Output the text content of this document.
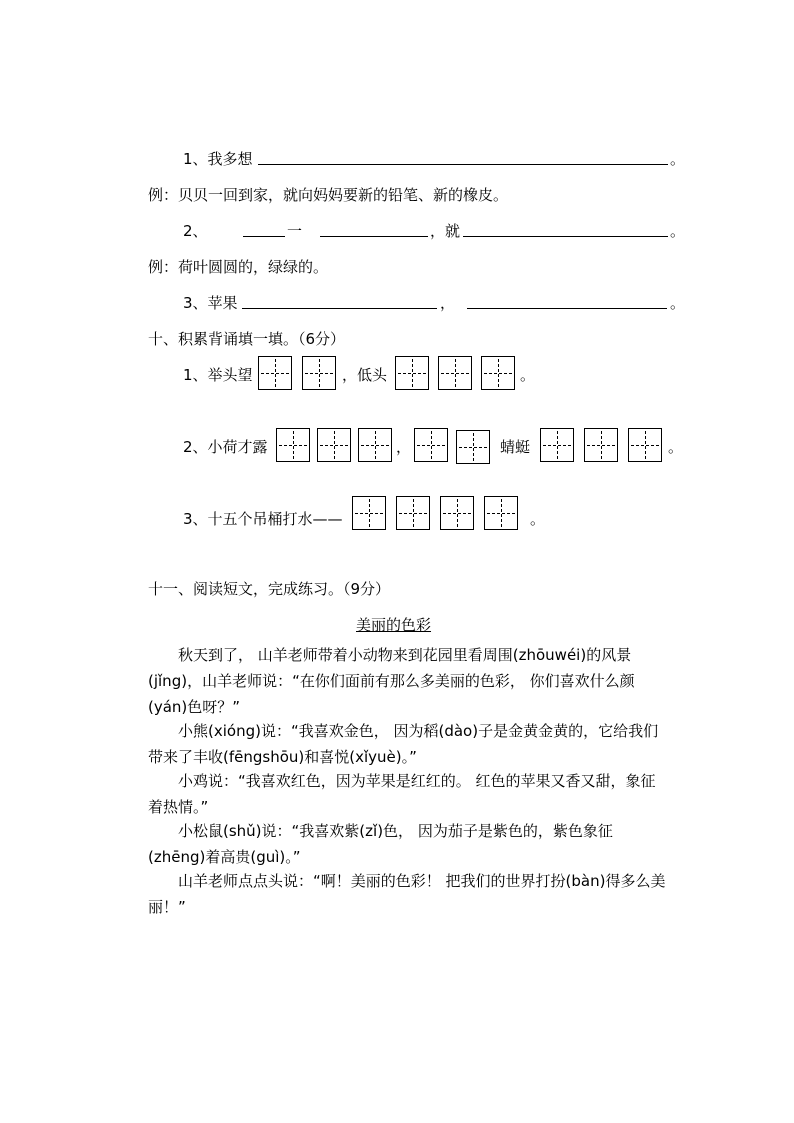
1、我多想	。
例：贝贝一回到家，就向妈妈要新的铅笔、新的橡皮。
2、	一	，就	。
例：荷叶圆圆的，绿绿的。
3、苹果	，	。
十、积累背诵填一填。（6分）
1、举头望	，低头	。
2、小荷才露	，	蜻蜓	。
3、十五个吊桶打水——	。
十一、阅读短文，完成练习。（9分）
美丽的色彩
秋天到了， 山羊老师带着小动物来到花园里看周围(zhōuwéi)的风景(jǐng)，山羊老师说：“在你们面前有那么多美丽的色彩， 你们喜欢什么颜(yán)色呀？”
小熊(xióng)说：“我喜欢金色， 因为稻(dào)子是金黄金黄的，它给我们带来了丰收(fēngshōu)和喜悦(xǐyuè)。”
小鸡说：“我喜欢红色，因为苹果是红红的。 红色的苹果又香又甜，象征着热情。”
小松鼠(shǔ)说：“我喜欢紫(zǐ)色， 因为茄子是紫色的，紫色象征(zhēng)着高贵(guì)。”
山羊老师点点头说：“啊！美丽的色彩！ 把我们的世界打扮(bàn)得多么美丽！”
